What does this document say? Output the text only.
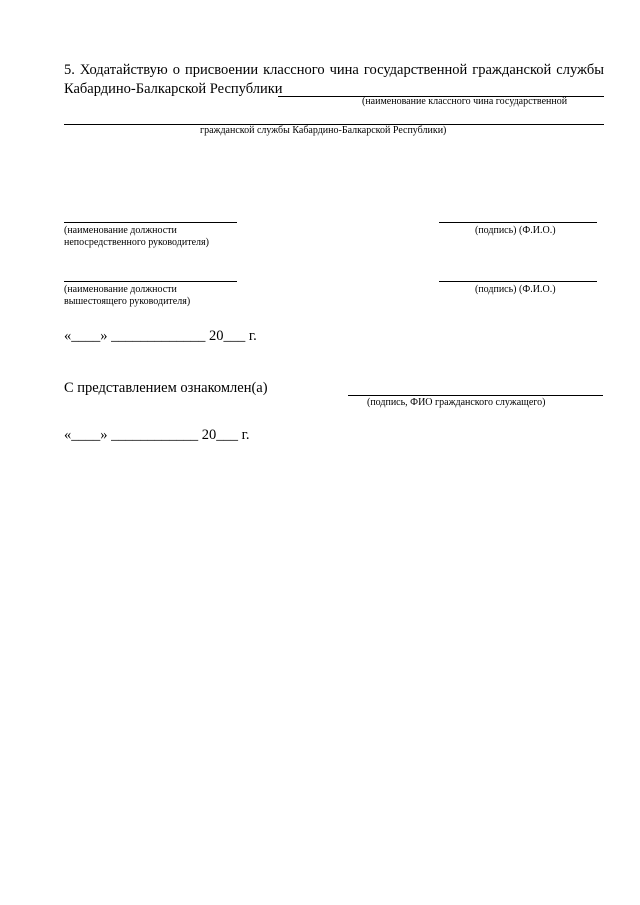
5. Ходатайствую о присвоении классного чина государственной гражданской службы
Кабардино-Балкарской Республики
(наименование классного чина государственной
гражданской службы Кабардино-Балкарской Республики)
(наименование должности
непосредственного руководителя)
(подпись) (Ф.И.О.)
(наименование должности
вышестоящего руководителя)
(подпись) (Ф.И.О.)
«____» _____________ 20___ г.
С представлением ознакомлен(а)
(подпись, ФИО гражданского служащего)
«____» ____________ 20___ г.
